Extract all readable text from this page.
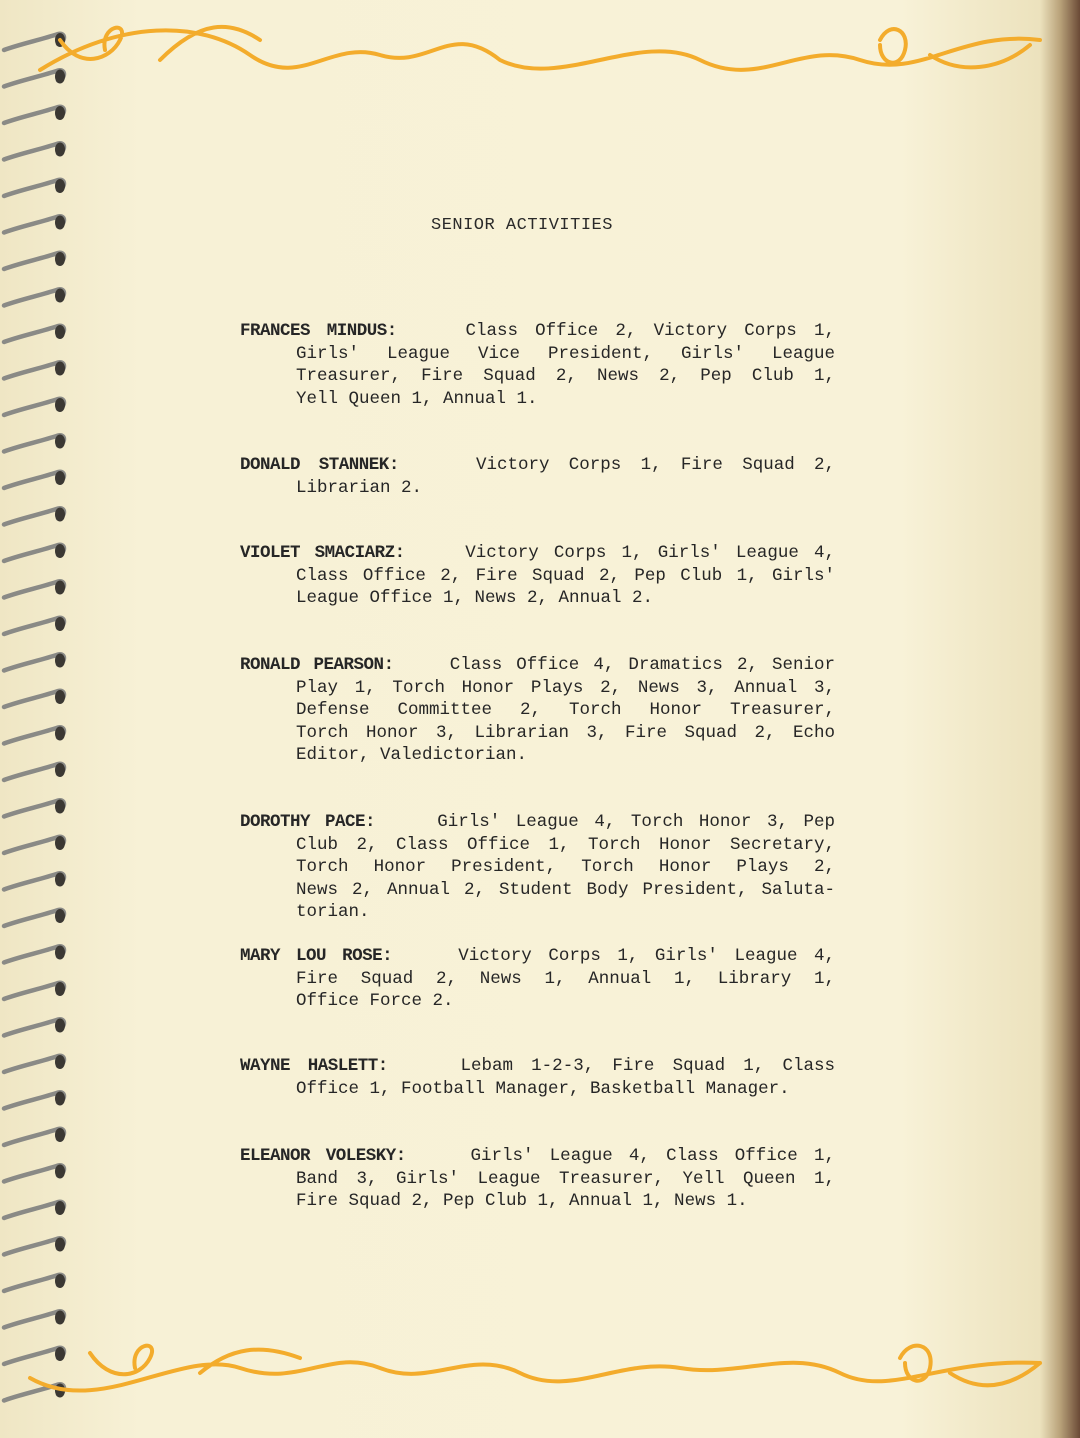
SENIOR ACTIVITIES
FRANCES MINDUS:	Class Office 2, Victory Corps 1,
Girls' League Vice President, Girls' League
Treasurer, Fire Squad 2, News 2, Pep Club 1,
Yell Queen 1, Annual 1.
DONALD STANNEK:	Victory Corps 1, Fire Squad 2,
Librarian 2.
VIOLET SMACIARZ:	Victory Corps 1, Girls' League 4,
Class Office 2, Fire Squad 2, Pep Club 1, Girls'
League Office 1, News 2, Annual 2.
RONALD PEARSON:	Class Office 4, Dramatics 2, Senior
Play 1, Torch Honor Plays 2, News 3, Annual 3,
Defense Committee 2, Torch Honor Treasurer,
Torch Honor 3, Librarian 3, Fire Squad 2, Echo
Editor, Valedictorian.
DOROTHY PACE:	Girls' League 4, Torch Honor 3, Pep
Club 2, Class Office 1, Torch Honor Secretary,
Torch Honor President, Torch Honor Plays 2,
News 2, Annual 2, Student Body President, Saluta-
torian.
MARY LOU ROSE:	Victory Corps 1, Girls' League 4,
Fire Squad 2, News 1, Annual 1, Library 1,
Office Force 2.
WAYNE HASLETT:	Lebam 1-2-3, Fire Squad 1, Class
Office 1, Football Manager, Basketball Manager.
ELEANOR VOLESKY:	Girls' League 4, Class Office 1,
Band 3, Girls' League Treasurer, Yell Queen 1,
Fire Squad 2, Pep Club 1, Annual 1, News 1.
